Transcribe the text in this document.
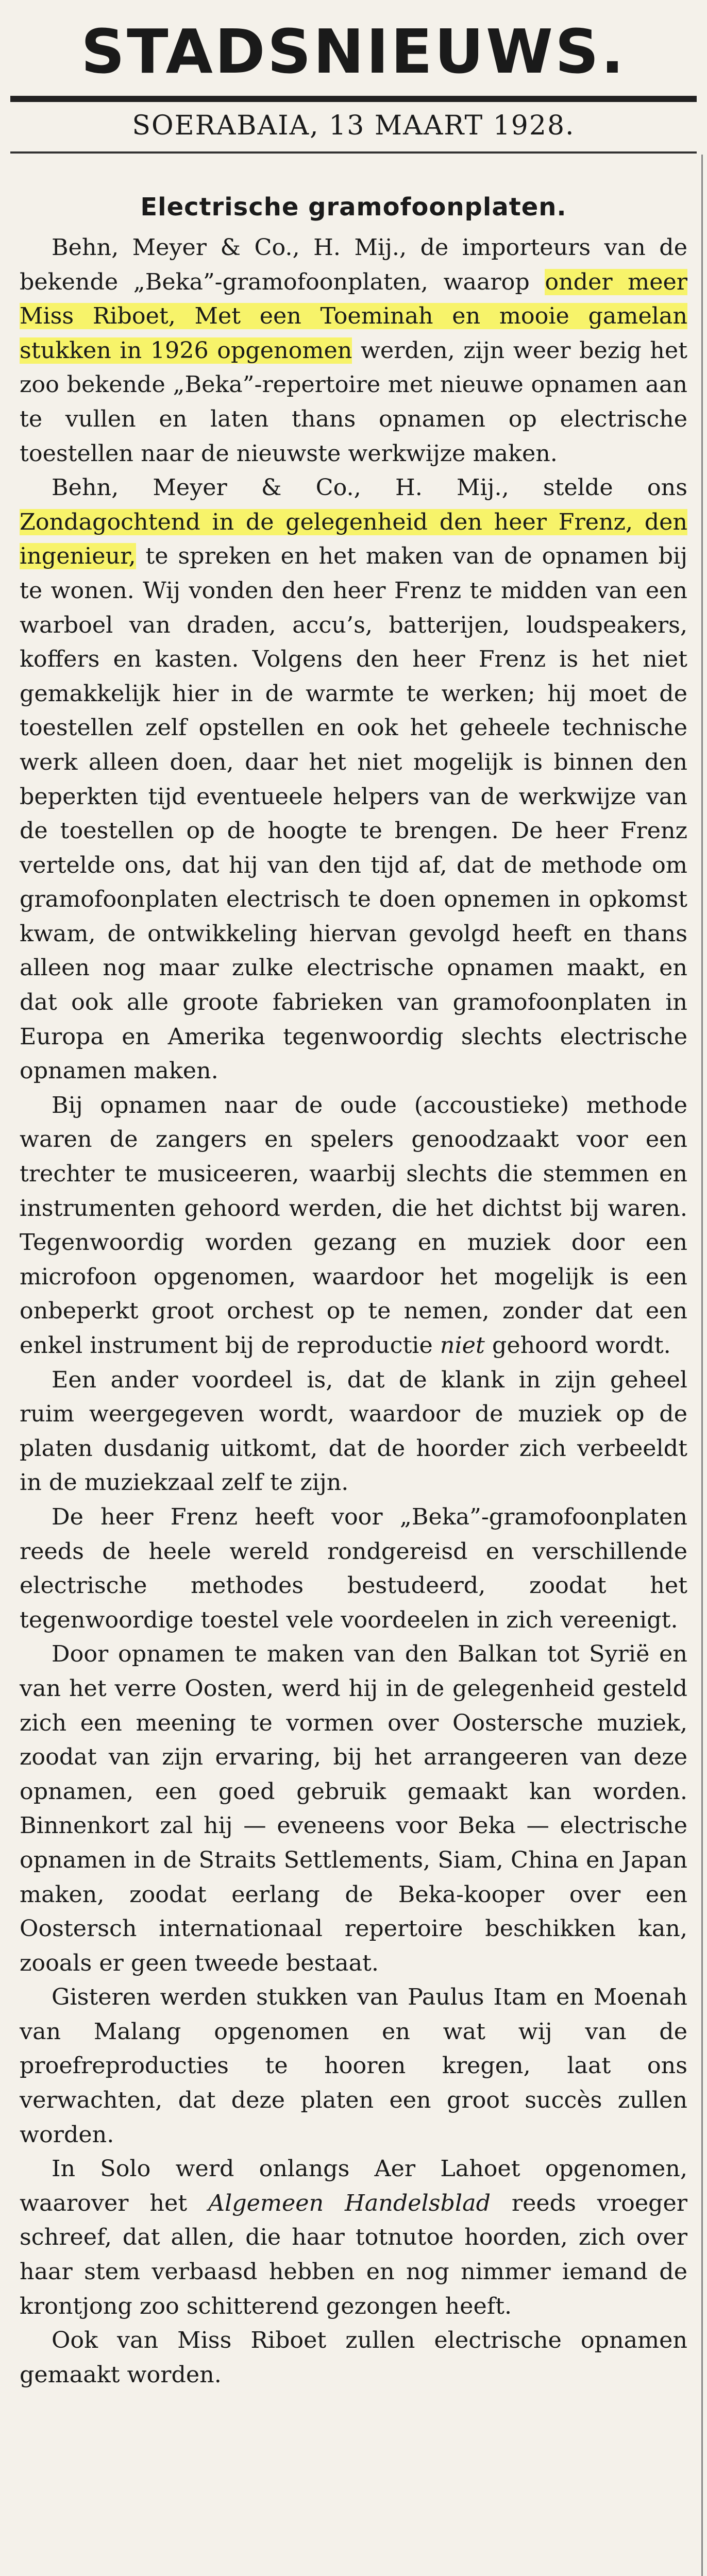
STADSNIEUWS.
SOERABAIA, 13 MAART 1928.
Electrische gramofoonplaten.

Behn, Meyer & Co., H. Mij., de importeurs van de bekende „Beka”-gramofoonplaten, waarop onder meer Miss Riboet, Met een Toeminah en mooie gamelan stukken in 1926 opgenomen werden, zijn weer bezig het zoo bekende „Beka”-repertoire met nieuwe opnamen aan te vullen en laten thans opnamen op electrische toestellen naar de nieuwste werkwijze maken.

Behn, Meyer & Co., H. Mij., stelde ons Zondagochtend in de gelegenheid den heer Frenz, den ingenieur, te spreken en het maken van de opnamen bij te wonen. Wij vonden den heer Frenz te midden van een warboel van draden, accu’s, batterijen, loudspeakers, koffers en kasten. Volgens den heer Frenz is het niet gemakkelijk hier in de warmte te werken; hij moet de toestellen zelf opstellen en ook het geheele technische werk alleen doen, daar het niet mogelijk is binnen den beperkten tijd eventueele helpers van de werkwijze van de toestellen op de hoogte te brengen. De heer Frenz vertelde ons, dat hij van den tijd af, dat de methode om gramofoonplaten electrisch te doen opnemen in opkomst kwam, de ontwikkeling hiervan gevolgd heeft en thans alleen nog maar zulke electrische opnamen maakt, en dat ook alle groote fabrieken van gramofoonplaten in Europa en Amerika tegenwoordig slechts electrische opnamen maken.

Bij opnamen naar de oude (accoustieke) methode waren de zangers en spelers genoodzaakt voor een trechter te musiceeren, waarbij slechts die stemmen en instrumenten gehoord werden, die het dichtst bij waren. Tegenwoordig worden gezang en muziek door een microfoon opgenomen, waardoor het mogelijk is een onbeperkt groot orchest op te nemen, zonder dat een enkel instrument bij de reproductie niet gehoord wordt.

Een ander voordeel is, dat de klank in zijn geheel ruim weergegeven wordt, waardoor de muziek op de platen dusdanig uitkomt, dat de hoorder zich verbeeldt in de muziekzaal zelf te zijn.

De heer Frenz heeft voor „Beka”-gramofoonplaten reeds de heele wereld rondgereisd en verschillende electrische methodes bestudeerd, zoodat het tegenwoordige toestel vele voordeelen in zich vereenigt.

Door opnamen te maken van den Balkan tot Syrië en van het verre Oosten, werd hij in de gelegenheid gesteld zich een meening te vormen over Oostersche muziek, zoodat van zijn ervaring, bij het arrangeeren van deze opnamen, een goed gebruik gemaakt kan worden. Binnenkort zal hij — eveneens voor Beka — electrische opnamen in de Straits Settlements, Siam, China en Japan maken, zoodat eerlang de Beka-kooper over een Oostersch internationaal repertoire beschikken kan, zooals er geen tweede bestaat.

Gisteren werden stukken van Paulus Itam en Moenah van Malang opgenomen en wat wij van de proefreproducties te hooren kregen, laat ons verwachten, dat deze platen een groot succès zullen worden.

In Solo werd onlangs Aer Lahoet opgenomen, waarover het Algemeen Handelsblad reeds vroeger schreef, dat allen, die haar totnutoe hoorden, zich over haar stem verbaasd hebben en nog nimmer iemand de krontjong zoo schitterend gezongen heeft.

Ook van Miss Riboet zullen electrische opnamen gemaakt worden.
